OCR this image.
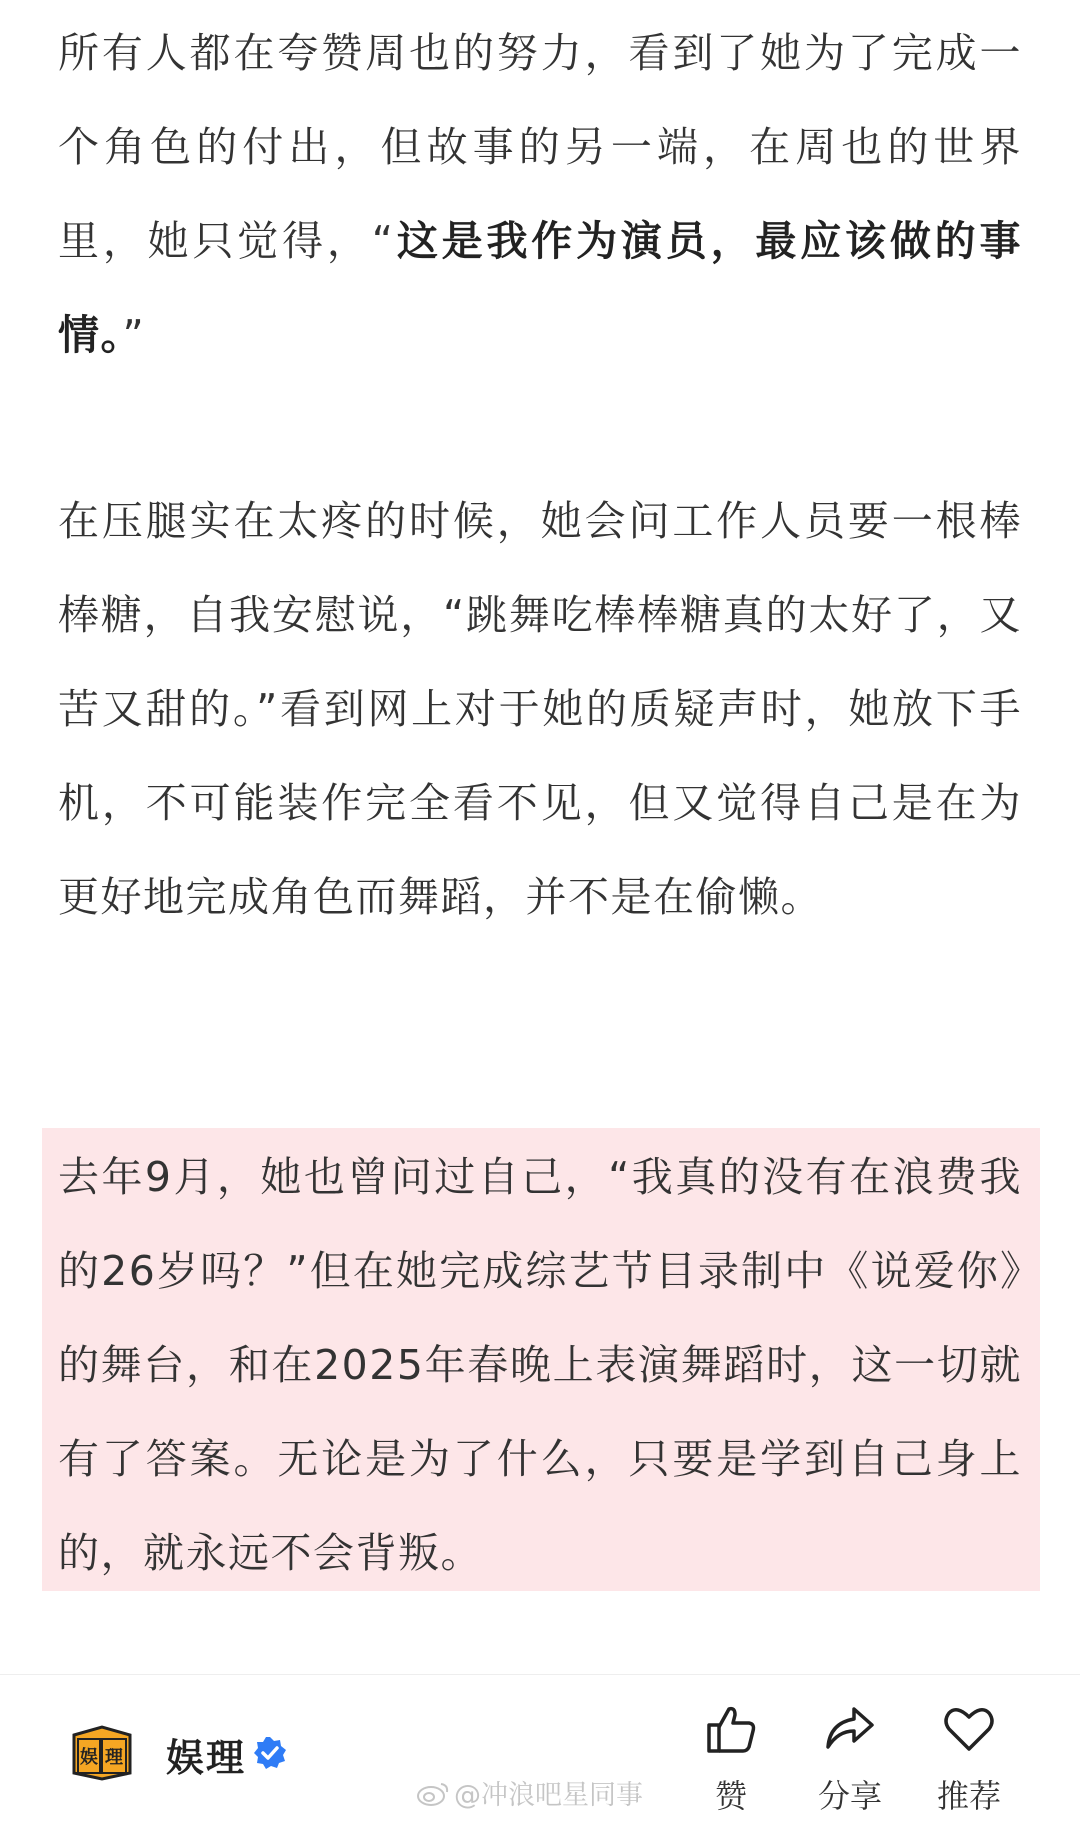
所有人都在夸赞周也的努力，看到了她为了完成一个角色的付出，但故事的另一端，在周也的世界里，她只觉得，“这是我作为演员，最应该做的事情。”

在压腿实在太疼的时候，她会问工作人员要一根棒棒糖，自我安慰说，“跳舞吃棒棒糖真的太好了，又苦又甜的。”看到网上对于她的质疑声时，她放下手机，不可能装作完全看不见，但又觉得自己是在为更好地完成角色而舞蹈，并不是在偷懒。

去年9月，她也曾问过自己，“我真的没有在浪费我的26岁吗？”但在她完成综艺节目录制中《说爱你》的舞台，和在2025年春晚上表演舞蹈时，这一切就有了答案。无论是为了什么，只要是学到自己身上的，就永远不会背叛。

娱 理 娱理
@冲浪吧星同事	赞	分享	推荐
